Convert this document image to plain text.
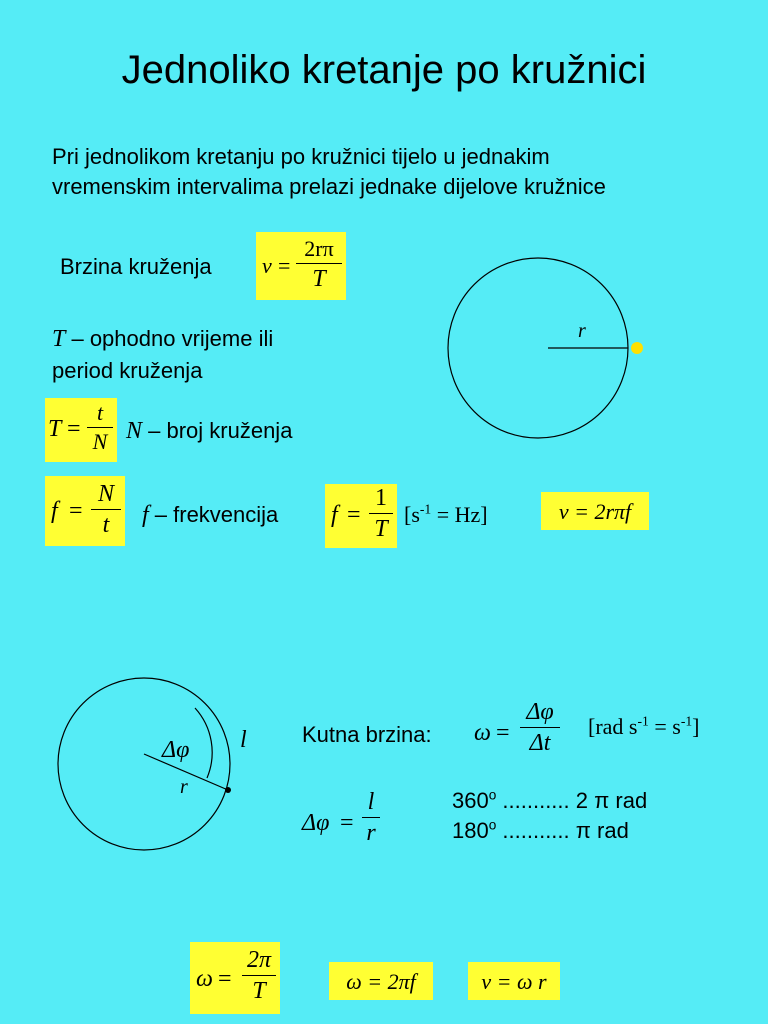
Jednoliko kretanje po kružnici
Pri jednolikom kretanju po kružnici tijelo u jednakim
vremenskim intervalima prelazi jednake dijelove kružnice
Brzina kruženja v =
2rπ
T
T – ophodno vrijeme ili
period kruženja
T =
t
N N – broj kruženja
f =
N
t f – frekvencija f =
1
T
$[s^{-1} = Hz]$	v = 2rπf
r
Δφ
r
l	Kutna brzina: ω =
Δφ
Δt
[rad $s^{-1} = s^{-1}$]
Δφ =
l
r
360$^o$ ........... 2 π rad
180$^o$ ........... π rad
ω =
2π
T	ω = 2πf	v = ω r
